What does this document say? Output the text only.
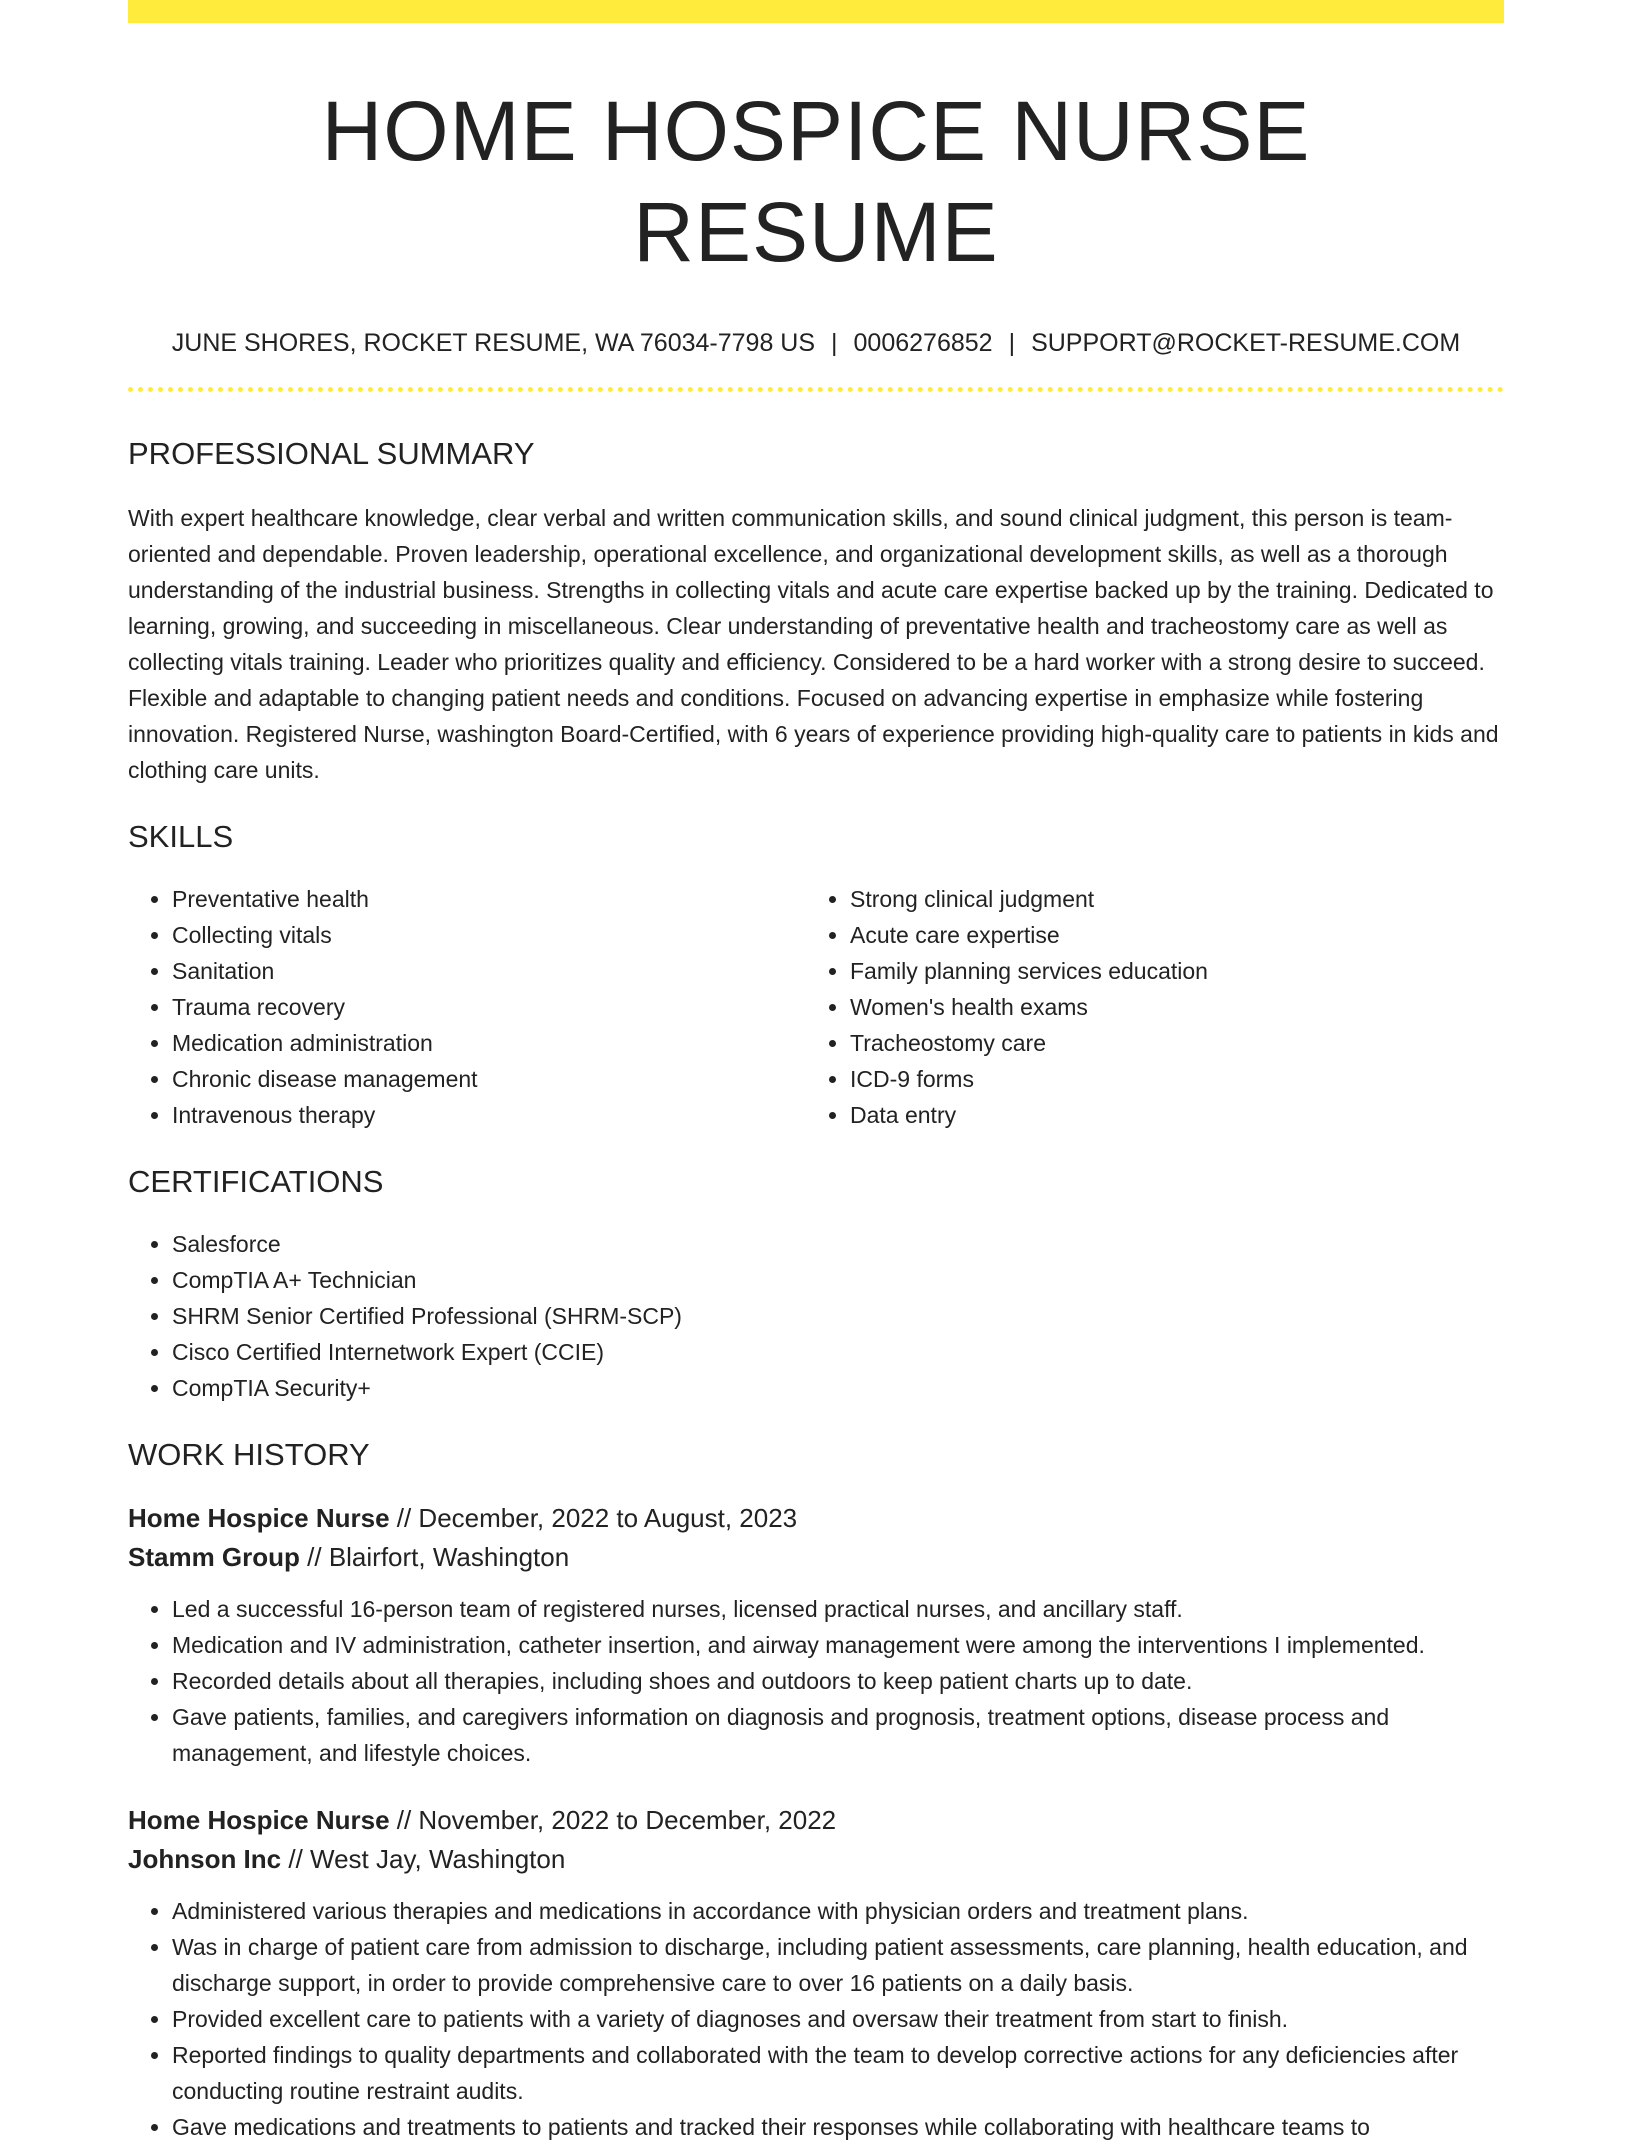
HOME HOSPICE NURSE RESUME
JUNE SHORES, ROCKET RESUME, WA 76034-7798 US | 0006276852 | SUPPORT@ROCKET-RESUME.COM
PROFESSIONAL SUMMARY

With expert healthcare knowledge, clear verbal and written communication skills, and sound clinical judgment, this person is team-oriented and dependable. Proven leadership, operational excellence, and organizational development skills, as well as a thorough understanding of the industrial business. Strengths in collecting vitals and acute care expertise backed up by the training. Dedicated to learning, growing, and succeeding in miscellaneous. Clear understanding of preventative health and tracheostomy care as well as collecting vitals training. Leader who prioritizes quality and efficiency. Considered to be a hard worker with a strong desire to succeed. Flexible and adaptable to changing patient needs and conditions. Focused on advancing expertise in emphasize while fostering innovation. Registered Nurse, washington Board-Certified, with 6 years of experience providing high-quality care to patients in kids and clothing care units.

SKILLS
• Preventative health
• Collecting vitals
• Sanitation
• Trauma recovery
• Medication administration
• Chronic disease management
• Intravenous therapy
• Strong clinical judgment
• Acute care expertise
• Family planning services education
• Women's health exams
• Tracheostomy care
• ICD-9 forms
• Data entry
CERTIFICATIONS
• Salesforce
• CompTIA A+ Technician
• SHRM Senior Certified Professional (SHRM-SCP)
• Cisco Certified Internetwork Expert (CCIE)
• CompTIA Security+
WORK HISTORY
Home Hospice Nurse // December, 2022 to August, 2023
Stamm Group // Blairfort, Washington
• Led a successful 16-person team of registered nurses, licensed practical nurses, and ancillary staff.
• Medication and IV administration, catheter insertion, and airway management were among the interventions I implemented.
• Recorded details about all therapies, including shoes and outdoors to keep patient charts up to date.
• Gave patients, families, and caregivers information on diagnosis and prognosis, treatment options, disease process and management, and lifestyle choices.
Home Hospice Nurse // November, 2022 to December, 2022
Johnson Inc // West Jay, Washington
• Administered various therapies and medications in accordance with physician orders and treatment plans.
• Was in charge of patient care from admission to discharge, including patient assessments, care planning, health education, and discharge support, in order to provide comprehensive care to over 16 patients on a daily basis.
• Provided excellent care to patients with a variety of diagnoses and oversaw their treatment from start to finish.
• Reported findings to quality departments and collaborated with the team to develop corrective actions for any deficiencies after conducting routine restraint audits.
• Gave medications and treatments to patients and tracked their responses while collaborating with healthcare teams to
